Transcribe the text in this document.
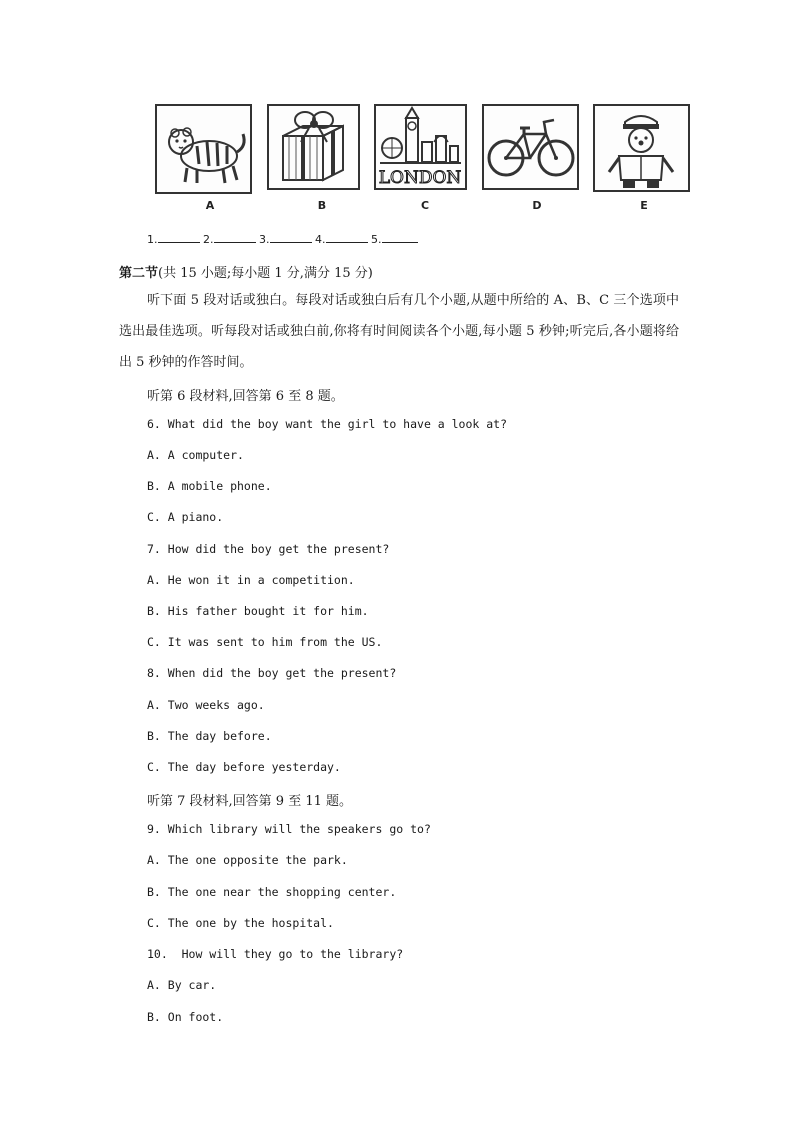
LONDON
A	B	C	D	E
1.	2.	3.	4.	5.
第二节(共 15 小题;每小题 1 分,满分 15 分)
听下面 5 段对话或独白。每段对话或独白后有几个小题,从题中所给的 A、B、C 三个选项中选出最佳选项。听每段对话或独白前,你将有时间阅读各个小题,每小题 5 秒钟;听完后,各小题将给出 5 秒钟的作答时间。
听第 6 段材料,回答第 6 至 8 题。
6. What did the boy want the girl to have a look at?
A. A computer.
B. A mobile phone.
C. A piano.
7. How did the boy get the present?
A. He won it in a competition.
B. His father bought it for him.
C. It was sent to him from the US.
8. When did the boy get the present?
A. Two weeks ago.
B. The day before.
C. The day before yesterday.
听第 7 段材料,回答第 9 至 11 题。
9. Which library will the speakers go to?
A. The one opposite the park.
B. The one near the shopping center.
C. The one by the hospital.
10.  How will they go to the library?
A. By car.
B. On foot.
